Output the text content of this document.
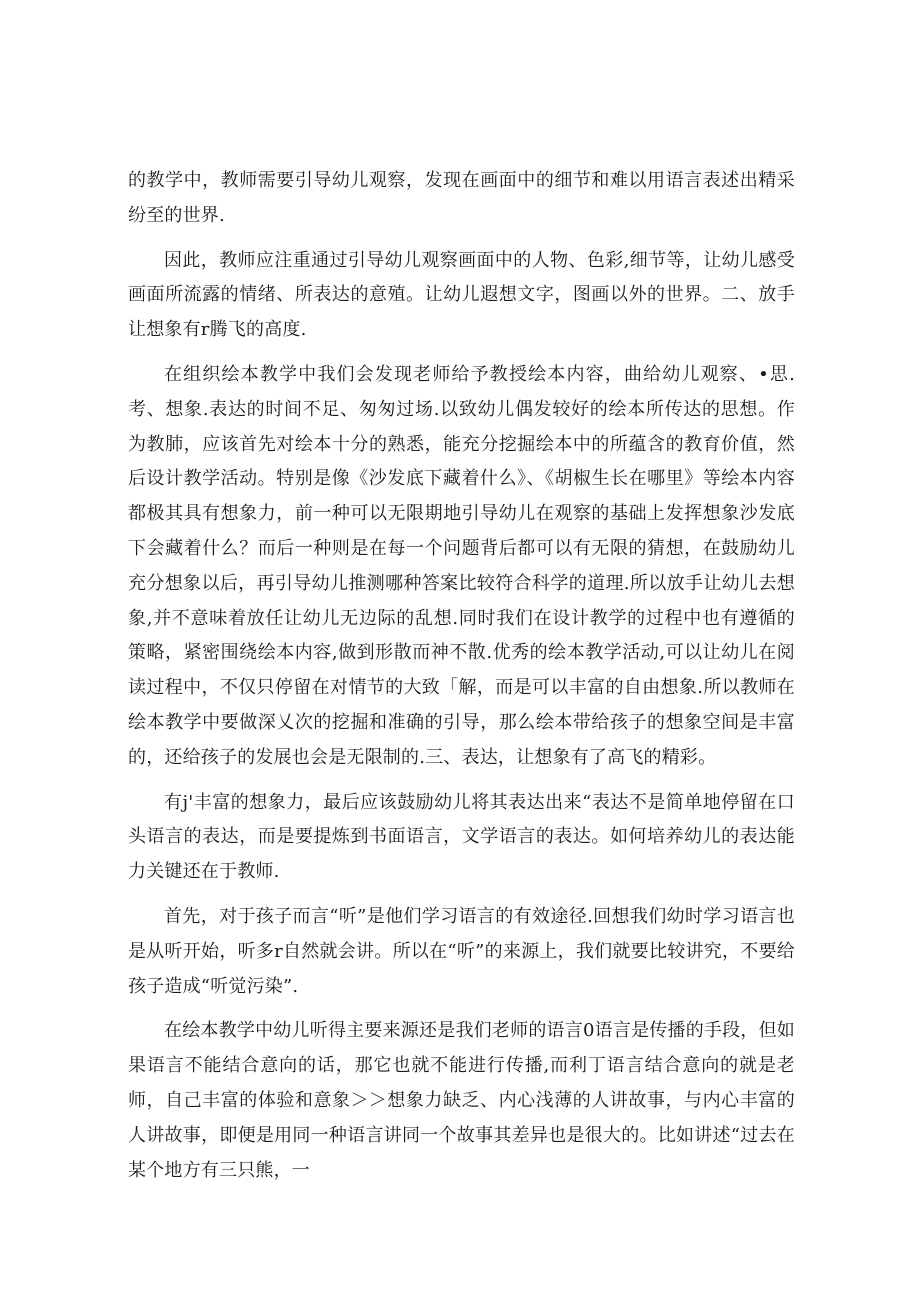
的教学中，教师需要引导幼儿观察，发现在画面中的细节和难以用语言表述出精采纷至的世界.

因此，教师应注重通过引导幼儿观察画面中的人物、色彩,细节等，让幼儿感受画面所流露的情绪、所表达的意殖。让幼儿遐想文字，图画以外的世界。二、放手让想象有r腾飞的高度.

在组织绘本教学中我们会发现老师给予教授绘本内容，曲给幼儿观察、•思.考、想象.表达的时间不足、匆匆过场.以致幼儿偶发较好的绘本所传达的思想。作为教肺，应该首先对绘本十分的熟悉，能充分挖掘绘本中的所蕴含的教育价值，然后设计教学活动。特别是像《沙发底下藏着什么》、《胡椒生长在哪里》等绘本内容都极其具有想象力，前一种可以无限期地引导幼儿在观察的基础上发挥想象沙发底下会藏着什么？而后一种则是在每一个问题背后都可以有无限的猜想，在鼓励幼儿充分想象以后，再引导幼儿推测哪种答案比较符合科学的道理.所以放手让幼儿去想象,并不意味着放任让幼儿无边际的乱想.同时我们在设计教学的过程中也有遵循的策略，紧密围绕绘本内容,做到形散而神不散.优秀的绘本教学活动,可以让幼儿在阅读过程中，不仅只停留在对情节的大致「解，而是可以丰富的自由想象.所以教师在绘本教学中要做深乂次的挖掘和准确的引导，那么绘本带给孩子的想象空间是丰富的，还给孩子的发展也会是无限制的.三、表达，让想象有了高飞的精彩。

有j'丰富的想象力，最后应该鼓励幼儿将其表达出来“表达不是简单地停留在口头语言的表达，而是要提炼到书面语言，文学语言的表达。如何培养幼儿的表达能力关键还在于教师.

首先，对于孩子而言“听”是他们学习语言的有效途径.回想我们幼时学习语言也是从听开始，听多r自然就会讲。所以在“听”的来源上，我们就要比较讲究，不要给孩子造成“听觉污染”.

在绘本教学中幼儿听得主要来源还是我们老师的语言0语言是传播的手段，但如果语言不能结合意向的话，那它也就不能进行传播,而利丁语言结合意向的就是老师，自己丰富的体验和意象＞＞想象力缺乏、内心浅薄的人讲故事，与内心丰富的人讲故事，即便是用同一种语言讲同一个故事其差异也是很大的。比如讲述“过去在某个地方有三只熊，一
